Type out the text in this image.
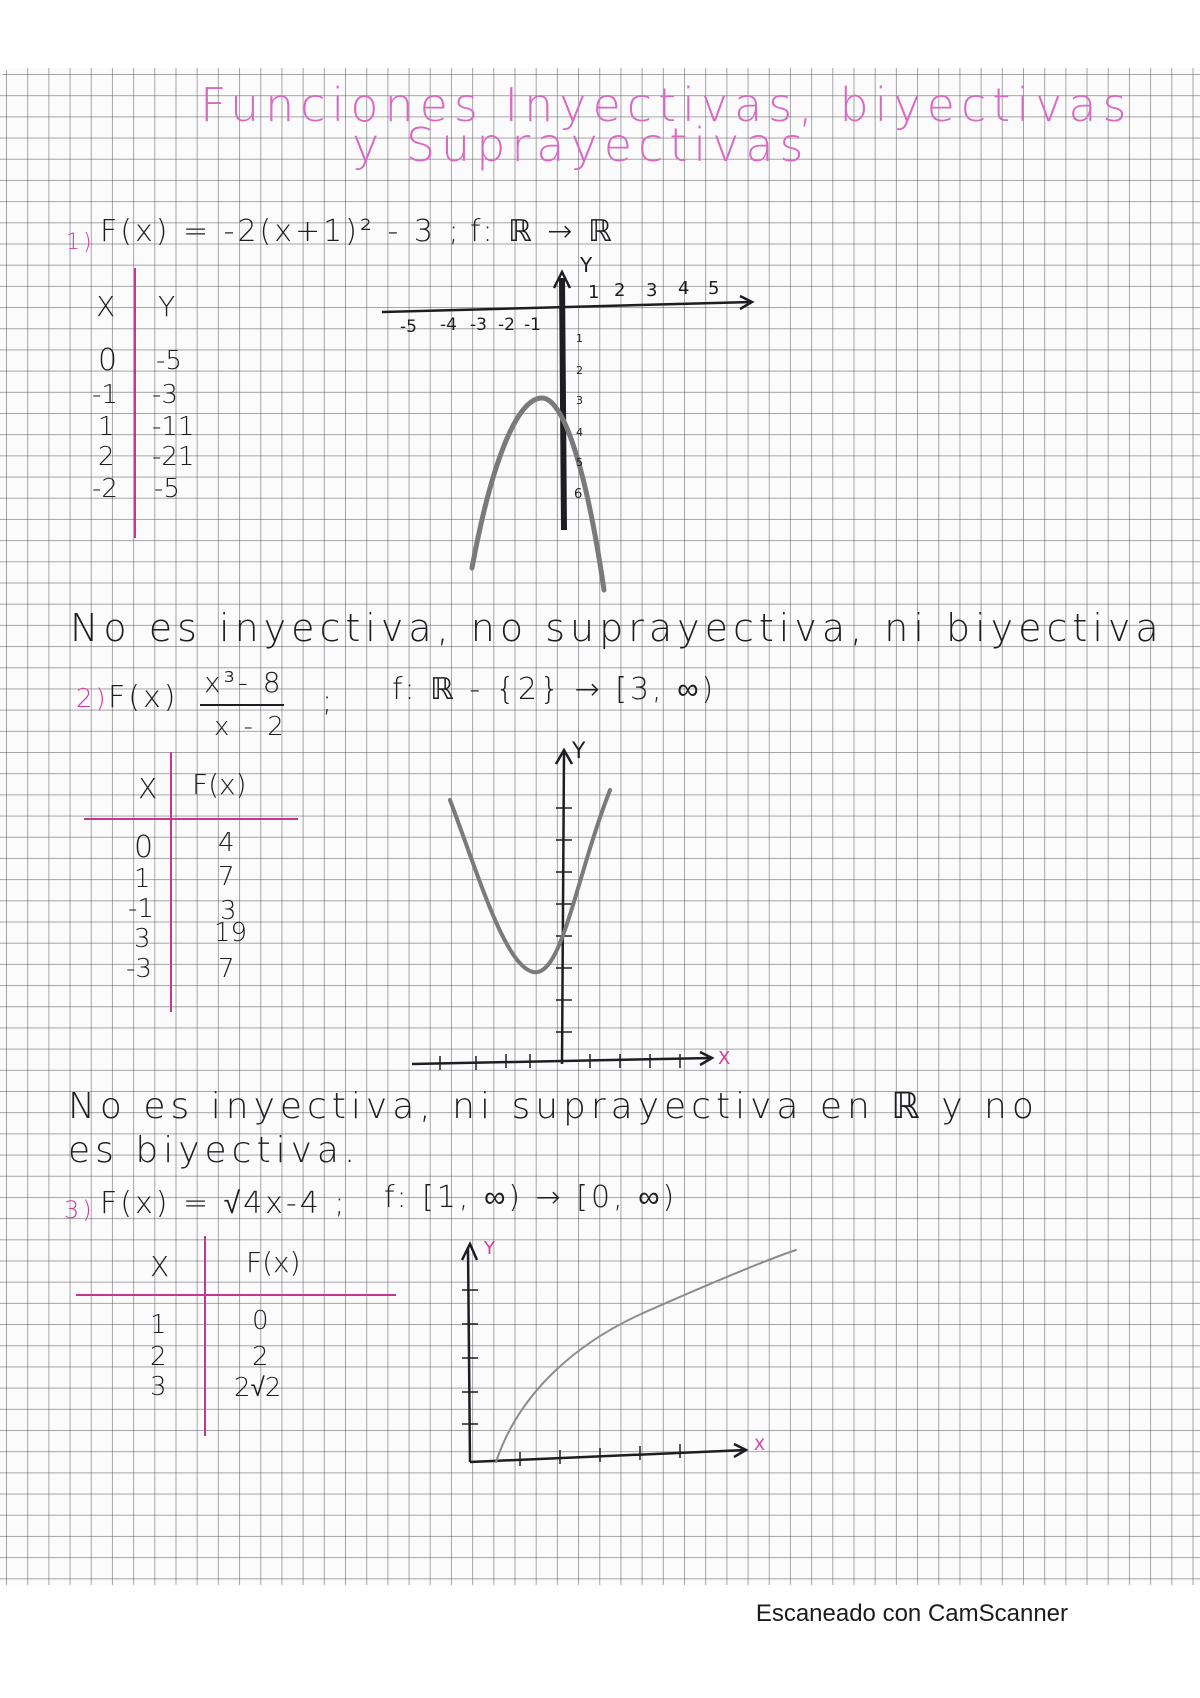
Funciones Inyectivas, biyectivas
y Suprayectivas
1) F(x) = -2(x+1)² - 3 ; f: ℝ → ℝ
X Y
0 -5
-1 -3
1 -11
2 -21
-2 -5
Y
1 2 3 4 5
-5 -4 -3 -2 -1
1
2
3
4
5
6
Y
X
Y
X
No es inyectiva, no suprayectiva, ni biyectiva
2) F(x) x³- 8
x - 2
; f: ℝ - {2} → [3, ∞)
X F(x)
0 4
1	7
-1	3
3 19
-3	7
No es inyectiva, ni suprayectiva en ℝ y no
es biyectiva.
3) F(x) = √4x-4 ; f: [1, ∞) → [0, ∞)
X	F(x)
1	0
2	2
3	2√2
Escaneado con CamScanner
